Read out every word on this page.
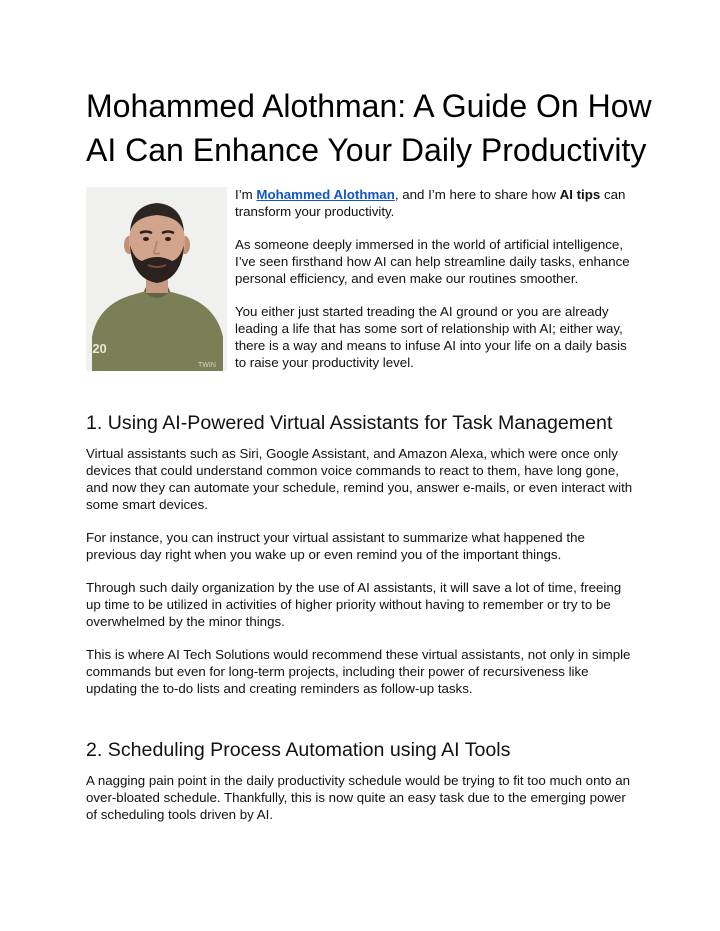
Mohammed Alothman: A Guide On How AI Can Enhance Your Daily Productivity
:20
TWIN

I’m Mohammed Alothman, and I’m here to share how AI tips can transform your productivity.

As someone deeply immersed in the world of artificial intelligence, I’ve seen firsthand how AI can help streamline daily tasks, enhance personal efficiency, and even make our routines smoother.

You either just started treading the AI ground or you are already leading a life that has some sort of relationship with AI; either way, there is a way and means to infuse AI into your life on a daily basis to raise your productivity level.

1. Using AI-Powered Virtual Assistants for Task Management

Virtual assistants such as Siri, Google Assistant, and Amazon Alexa, which were once only devices that could understand common voice commands to react to them, have long gone, and now they can automate your schedule, remind you, answer e-mails, or even interact with some smart devices.

For instance, you can instruct your virtual assistant to summarize what happened the previous day right when you wake up or even remind you of the important things.

Through such daily organization by the use of AI assistants, it will save a lot of time, freeing up time to be utilized in activities of higher priority without having to remember or try to be overwhelmed by the minor things.

This is where AI Tech Solutions would recommend these virtual assistants, not only in simple commands but even for long-term projects, including their power of recursiveness like updating the to-do lists and creating reminders as follow-up tasks.

2. Scheduling Process Automation using AI Tools

A nagging pain point in the daily productivity schedule would be trying to fit too much onto an over-bloated schedule. Thankfully, this is now quite an easy task due to the emerging power of scheduling tools driven by AI.
